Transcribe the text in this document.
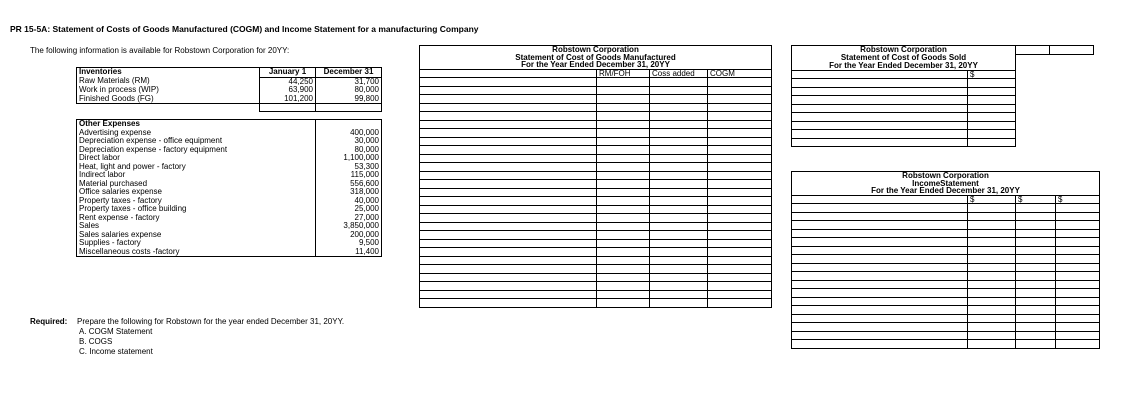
PR 15-5A: Statement of Costs of Goods Manufactured (COGM) and Income Statement for a manufacturing Company
The following information is available for Robstown Corporation for 20YY:
Inventories	January 1	December 31
Raw Materials (RM)	44,250	31,700
Work in process (WIP)	63,900	80,000
Finished Goods (FG)	101,200	99,800

Other Expenses		
Advertising expense		400,000
Depreciation expense - office equipment		30,000
Depreciation expense - factory equipment		80,000
Direct labor		1,100,000
Heat, light and power - factory		53,300
Indirect labor		115,000
Material purchased		556,600
Office salaries expense		318,000
Property taxes - factory		40,000
Property taxes - office building		25,000
Rent expense - factory		27,000
Sales		3,850,000
Sales salaries expense		200,000
Supplies - factory		9,500
Miscellaneous costs -factory		11,400
Required: Prepare the following for Robstown for the year ended December 31, 20YY.
A. COGM Statement
B. COGS
C. Income statement
Robstown Corporation			
Statement of Cost of Goods Manufactured			
For the Year Ended December 31, 20YY			
	RM/FOH	Coss added	COGM

Robstown Corporation			
Statement of Cost of Goods Sold			
For the Year Ended December 31, 20YY			
	$		

Robstown Corporation			
IncomeStatement			
For the Year Ended December 31, 20YY			
	$	$	$
